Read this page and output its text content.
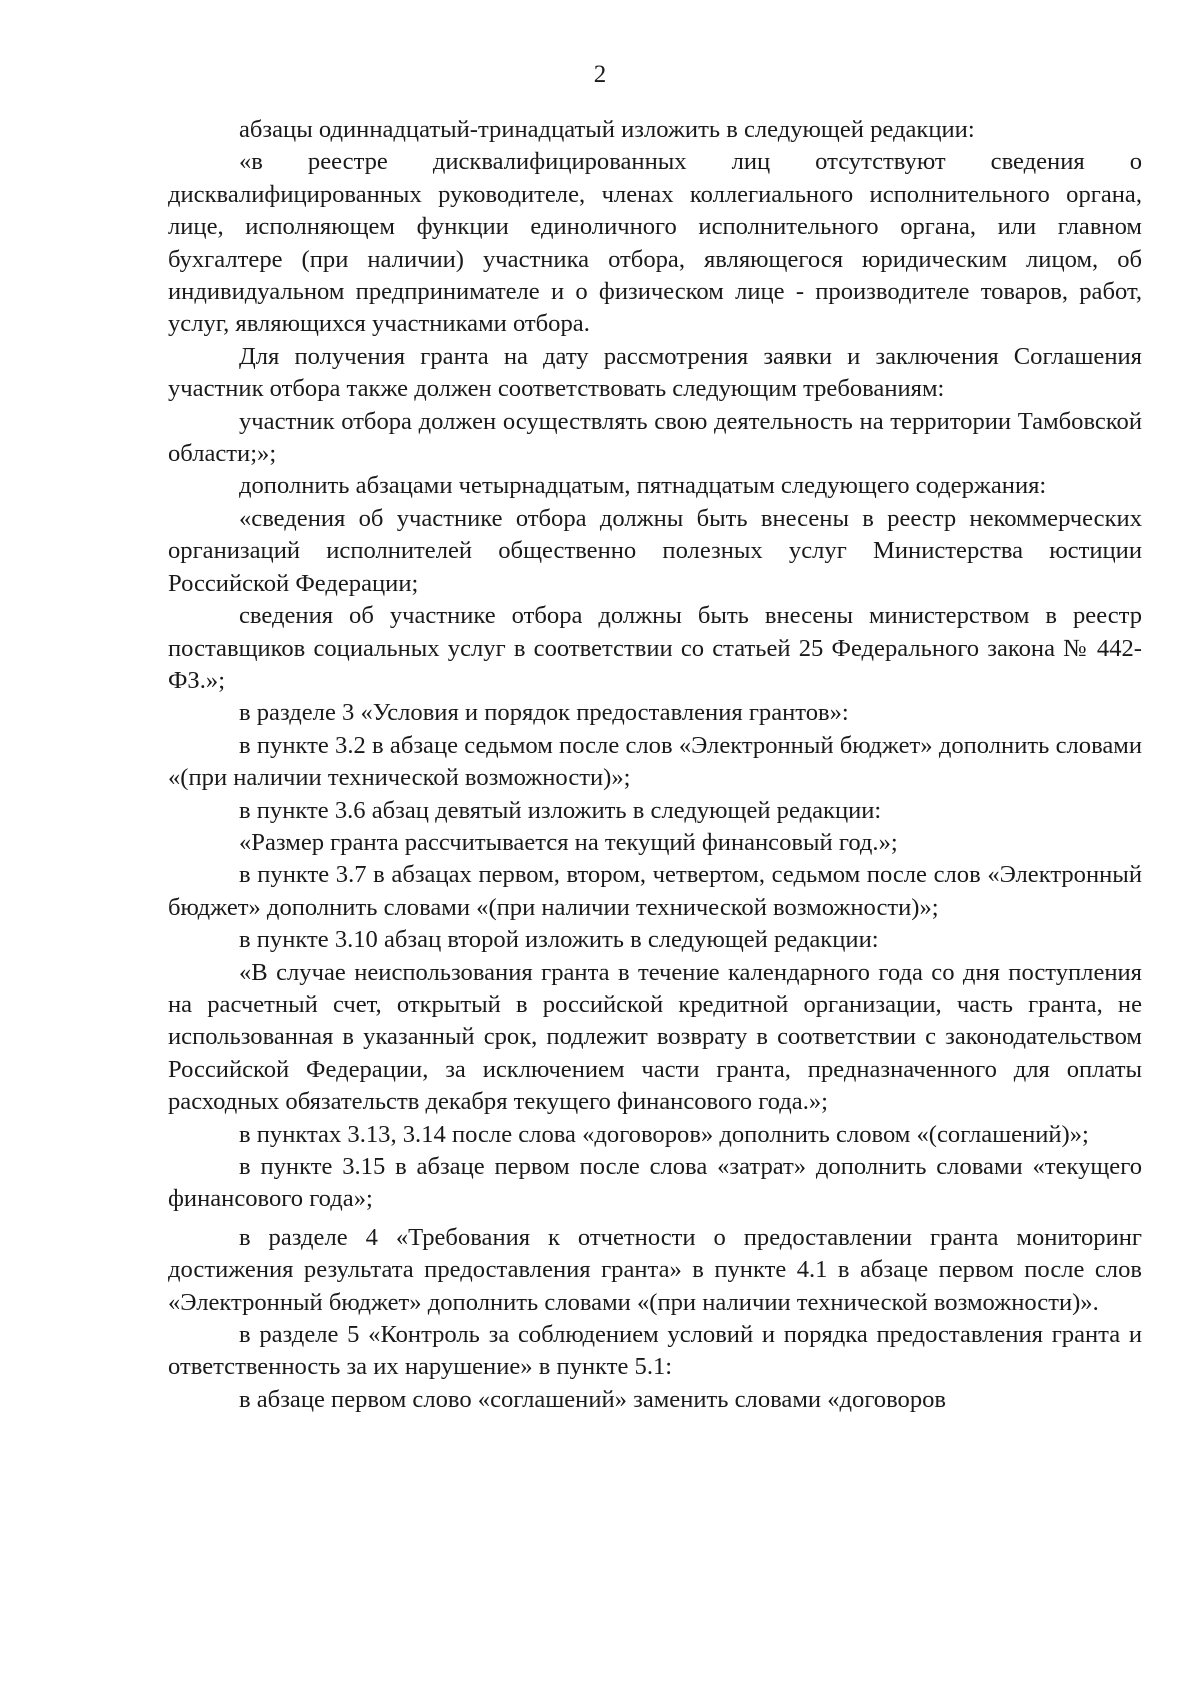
2

абзацы одиннадцатый-тринадцатый изложить в следующей редакции:

«в реестре дисквалифицированных лиц отсутствуют сведения о дисквалифицированных руководителе, членах коллегиального исполнительного органа, лице, исполняющем функции единоличного исполнительного органа, или главном бухгалтере (при наличии) участника отбора, являющегося юридическим лицом, об индивидуальном предпринимателе и о физическом лице - производителе товаров, работ, услуг, являющихся участниками отбора.

Для получения гранта на дату рассмотрения заявки и заключения Соглашения участник отбора также должен соответствовать следующим требованиям:

участник отбора должен осуществлять свою деятельность на территории Тамбовской области;»;

дополнить абзацами четырнадцатым, пятнадцатым следующего содержания:

«сведения об участнике отбора должны быть внесены в реестр некоммерческих организаций исполнителей общественно полезных услуг Министерства юстиции Российской Федерации;

сведения об участнике отбора должны быть внесены министерством в реестр поставщиков социальных услуг в соответствии со статьей 25 Федерального закона № 442-ФЗ.»;

в разделе 3 «Условия и порядок предоставления грантов»:

в пункте 3.2 в абзаце седьмом после слов «Электронный бюджет» дополнить словами «(при наличии технической возможности)»;

в пункте 3.6 абзац девятый изложить в следующей редакции:

«Размер гранта рассчитывается на текущий финансовый год.»;

в пункте 3.7 в абзацах первом, втором, четвертом, седьмом после слов «Электронный бюджет» дополнить словами «(при наличии технической возможности)»;

в пункте 3.10 абзац второй изложить в следующей редакции:

«В случае неиспользования гранта в течение календарного года со дня поступления на расчетный счет, открытый в российской кредитной организации, часть гранта, не использованная в указанный срок, подлежит возврату в соответствии с законодательством Российской Федерации, за исключением части гранта, предназначенного для оплаты расходных обязательств декабря текущего финансового года.»;

в пунктах 3.13, 3.14 после слова «договоров» дополнить словом «(соглашений)»;

в пункте 3.15 в абзаце первом после слова «затрат» дополнить словами «текущего финансового года»;

в разделе 4 «Требования к отчетности о предоставлении гранта мониторинг достижения результата предоставления гранта» в пункте 4.1 в абзаце первом после слов «Электронный бюджет» дополнить словами «(при наличии технической возможности)».

в разделе 5 «Контроль за соблюдением условий и порядка предоставления гранта и ответственность за их нарушение» в пункте 5.1:

в абзаце первом слово «соглашений» заменить словами «договоров
